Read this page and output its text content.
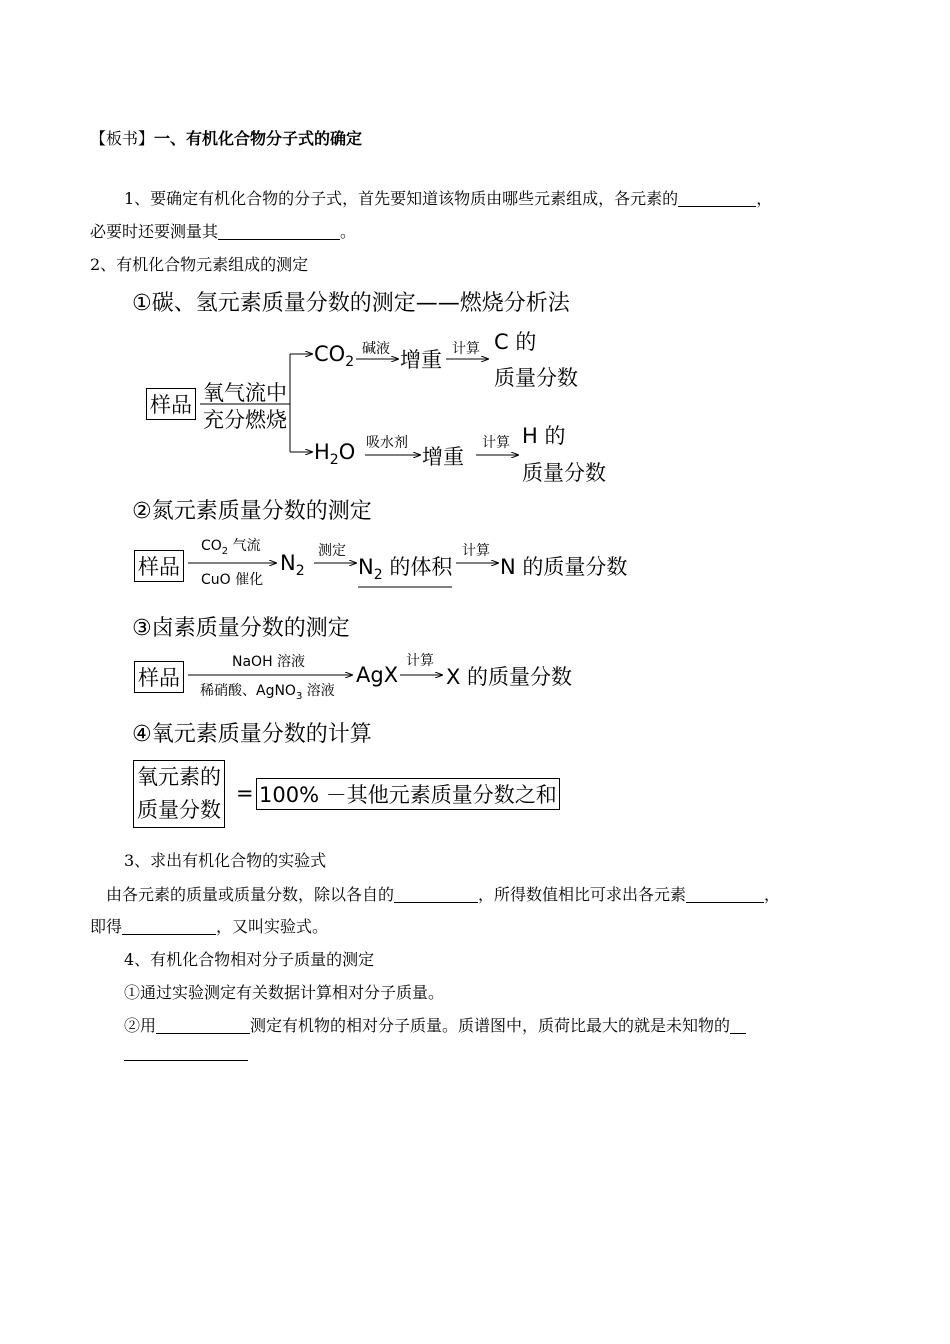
【板书】一、有机化合物分子式的确定
1、要确定有机化合物的分子式，首先要知道该物质由哪些元素组成，各元素的	，
必要时还要测量其	。
2、有机化合物元素组成的测定
①碳、氢元素质量分数的测定——燃烧分析法
样品 氧气流中
充分燃烧
$CO_2$
碱液 增重 计算 C 的
质量分数
$H_2O$ 吸水剂
增重
计算 H 的
质量分数
②氮元素质量分数的测定
样品
$CO_2$ 气流
CuO 催化
$N_2$
测定
$N_2$ 的体积
计算
N 的质量分数
③卤素质量分数的测定
样品
NaOH 溶液
稀硝酸、AgNO$_3$ 溶液
AgX
计算
X 的质量分数
④氧元素质量分数的计算
氧元素的
质量分数
= 100% －其他元素质量分数之和
3、求出有机化合物的实验式
由各元素的质量或质量分数，除以各自的	，所得数值相比可求出各元素	，
即得	，又叫实验式。
4、有机化合物相对分子质量的测定
①通过实验测定有关数据计算相对分子质量。
②用	测定有机物的相对分子质量。质谱图中，质荷比最大的就是未知物的
